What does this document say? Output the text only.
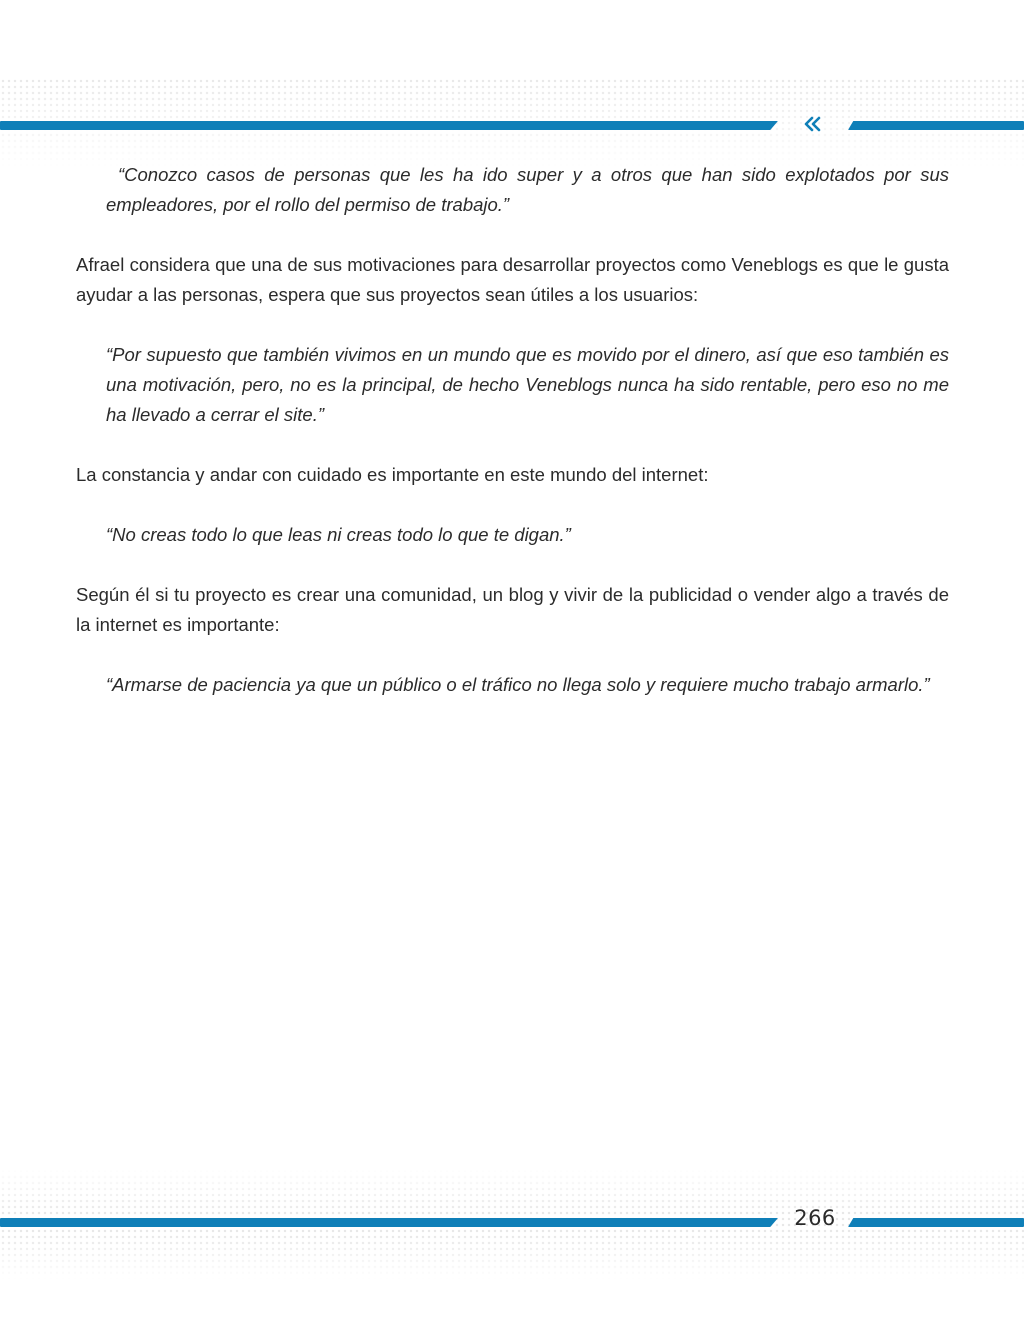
“Conozco casos de personas que les ha ido super y a otros que han sido explotados por sus empleadores, por el rollo del permiso de trabajo.”

Afrael considera que una de sus motivaciones para desarrollar proyectos como Veneblogs es que le gusta ayudar a las personas, espera que sus proyectos sean útiles a los usuarios:

“Por supuesto que también vivimos en un mundo que es movido por el dinero, así que eso también es una motivación, pero, no es la principal, de hecho Veneblogs nunca ha sido rentable, pero eso no me ha llevado a cerrar el site.”

La constancia y andar con cuidado es importante en este mundo del internet:

“No creas todo lo que leas ni creas todo lo que te digan.”

Según él si tu proyecto es crear una comunidad, un blog y vivir de la publicidad o vender algo a través de la internet es importante:

“Armarse de paciencia ya que un público o el tráfico no llega solo y requiere mucho trabajo armarlo.”

266
